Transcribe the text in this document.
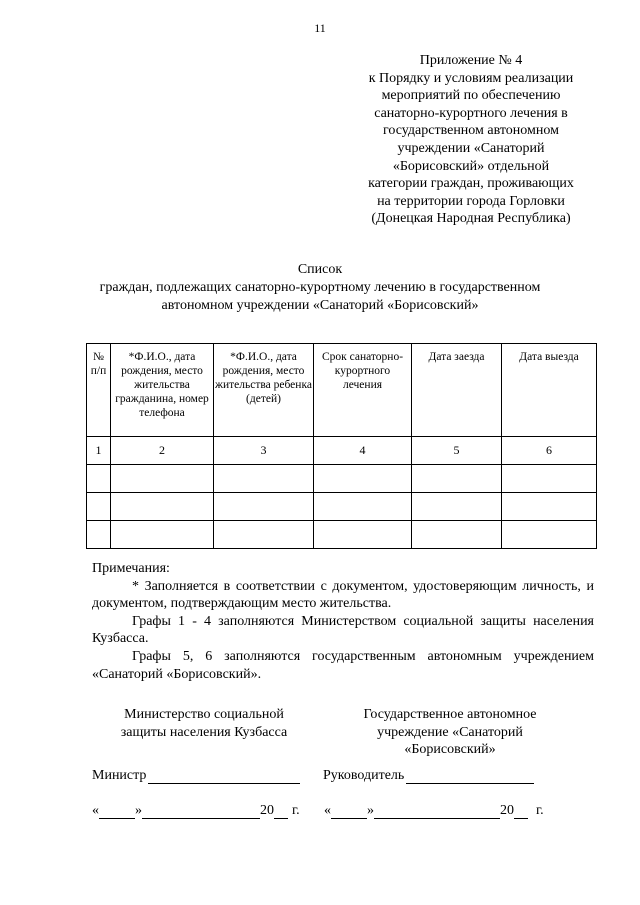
11
Приложение № 4
к Порядку и условиям реализации
мероприятий по обеспечению
санаторно-курортного лечения в
государственном автономном
учреждении «Санаторий
«Борисовский» отдельной
категории граждан, проживающих
на территории города Горловки
(Донецкая Народная Республика)
Список
граждан, подлежащих санаторно-курортному лечению в государственном
автономном учреждении «Санаторий «Борисовский»
№ п/п	*Ф.И.О., дата рождения, место жительства гражданина, номер телефона	*Ф.И.О., дата рождения, место жительства ребенка (детей)	Срок санаторно-курортного лечения	Дата заезда	Дата выезда
1	2	3	4	5	6

Примечания:

* Заполняется в соответствии с документом, удостоверяющим личность, и документом, подтверждающим место жительства.

Графы 1 - 4 заполняются Министерством социальной защиты населения Кузбасса.

Графы 5, 6 заполняются государственным автономным учреждением «Санаторий «Борисовский».

Министерство социальной
защиты населения Кузбасса
Государственное автономное
учреждение «Санаторий
«Борисовский»
Министр	Руководитель
«	»	20 г. «	»	20 г.
